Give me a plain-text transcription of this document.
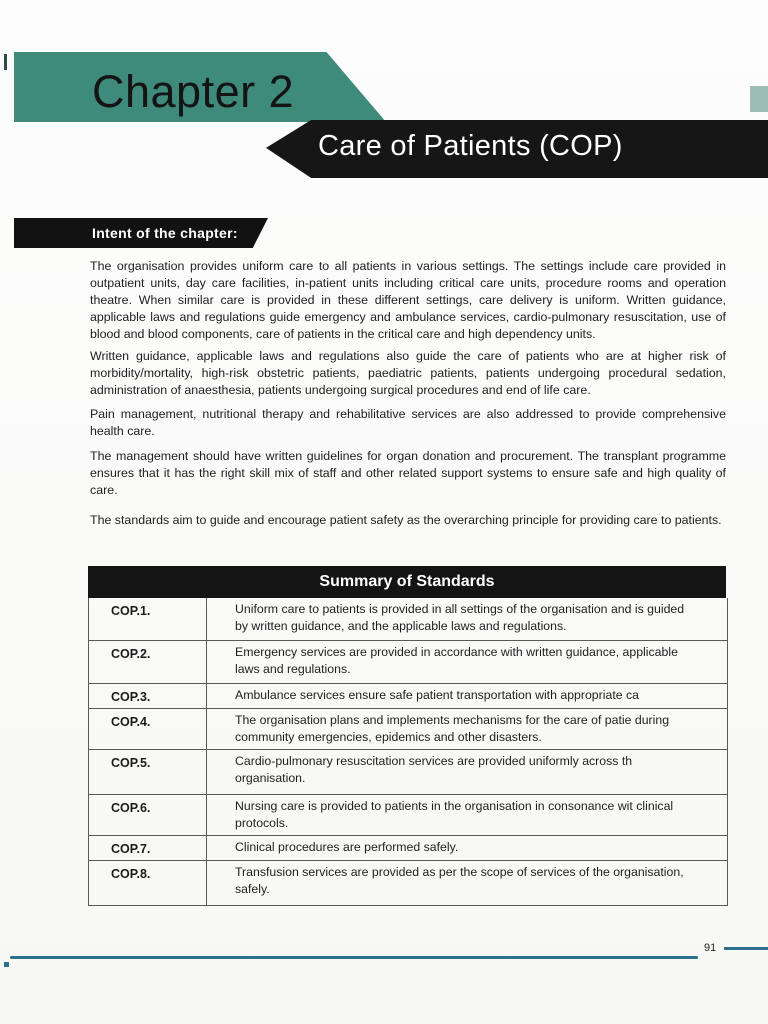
Chapter 2
Care of Patients (COP)
Intent of the chapter:

The organisation provides uniform care to all patients in various settings. The settings include care provided in outpatient units, day care facilities, in-patient units including critical care units, procedure rooms and operation theatre. When similar care is provided in these different settings, care delivery is uniform. Written guidance, applicable laws and regulations guide emergency and ambulance services, cardio-pulmonary resuscitation, use of blood and blood components, care of patients in the critical care and high dependency units.

Written guidance, applicable laws and regulations also guide the care of patients who are at higher risk of morbidity/mortality, high-risk obstetric patients, paediatric patients, patients undergoing procedural sedation, administration of anaesthesia, patients undergoing surgical procedures and end of life care.

Pain management, nutritional therapy and rehabilitative services are also addressed to provide comprehensive health care.

The management should have written guidelines for organ donation and procurement. The transplant programme ensures that it has the right skill mix of staff and other related support systems to ensure safe and high quality of care.

The standards aim to guide and encourage patient safety as the overarching principle for providing care to patients.

Summary of Standards
COP.1.	Uniform care to patients is provided in all settings of the organisation and is guided by written guidance, and the applicable laws and regulations.
COP.2.	Emergency services are provided in accordance with written guidance, applicable laws and regulations.
COP.3.	Ambulance services ensure safe patient transportation with appropriate ca
COP.4.	The organisation plans and implements mechanisms for the care of patie during community emergencies, epidemics and other disasters.
COP.5.	Cardio-pulmonary resuscitation services are provided uniformly across th organisation.
COP.6.	Nursing care is provided to patients in the organisation in consonance wit clinical protocols.
COP.7.	Clinical procedures are performed safely.
COP.8.	Transfusion services are provided as per the scope of services of the organisation, safely.
91
